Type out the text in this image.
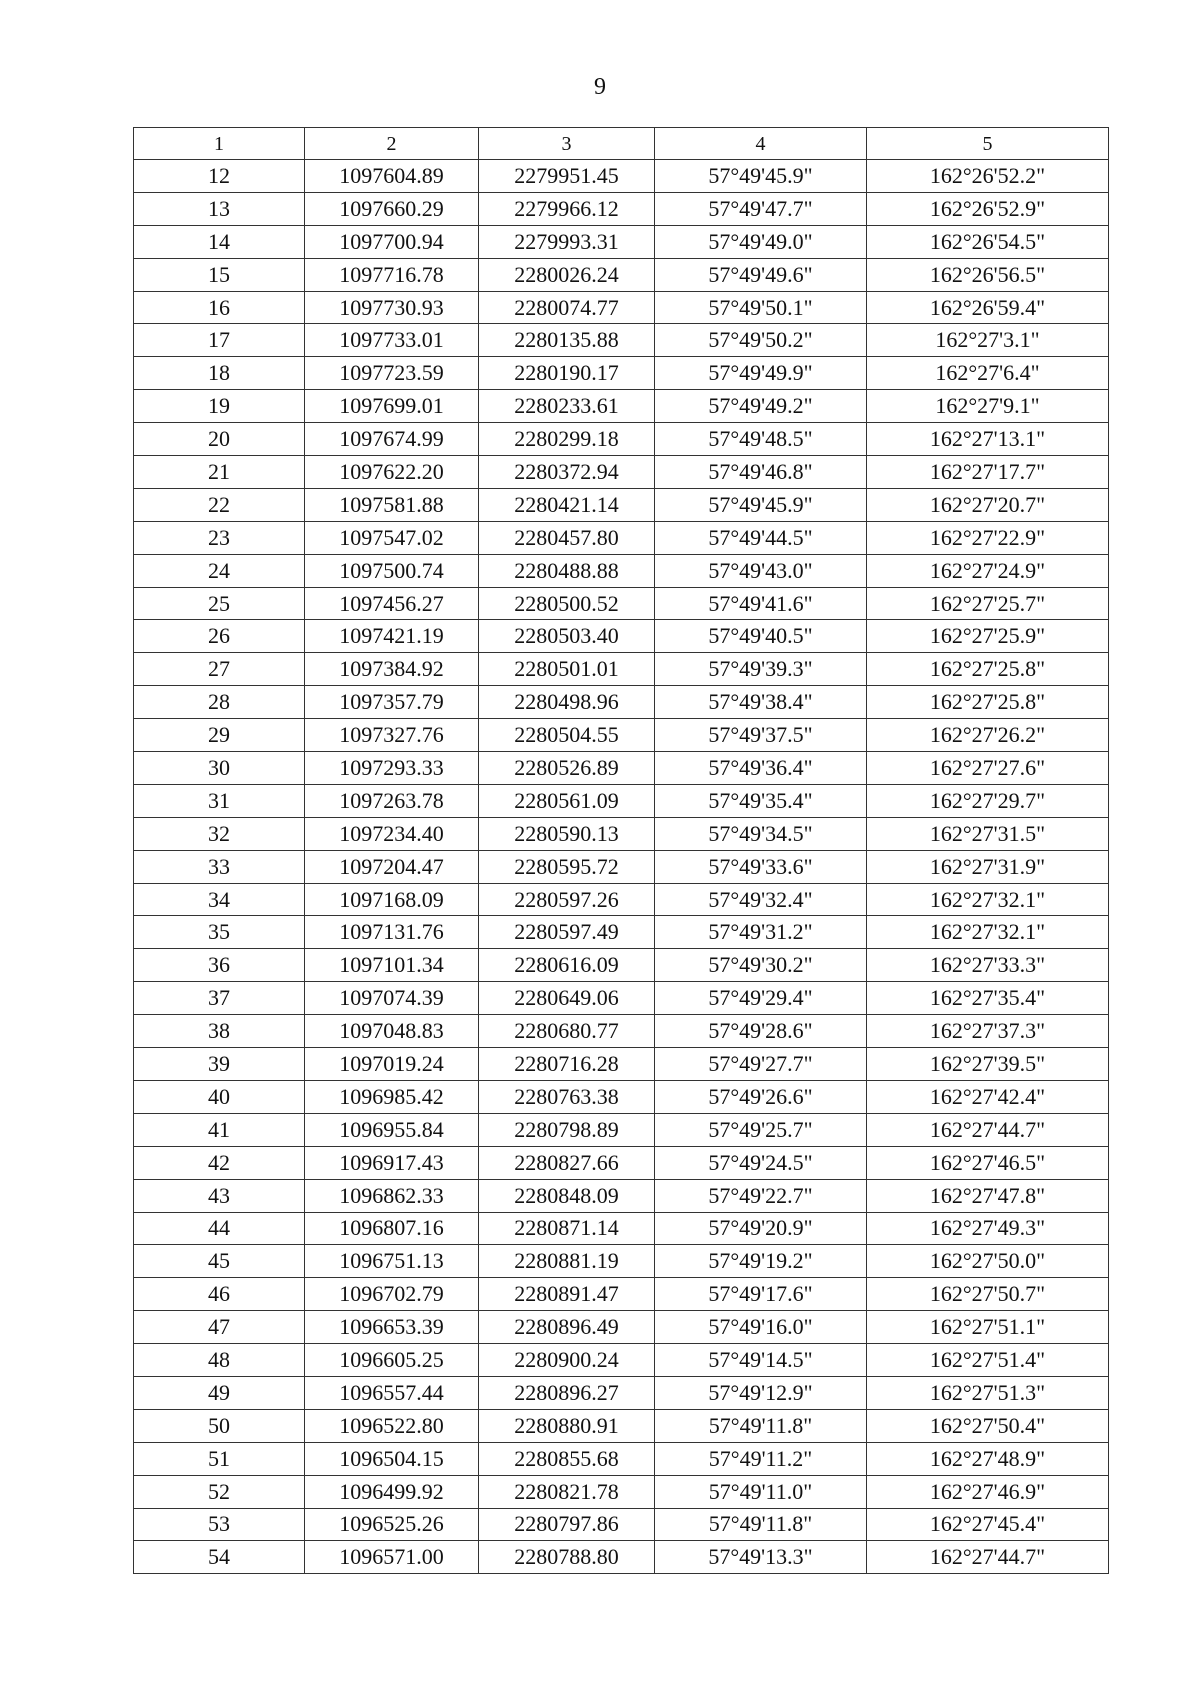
9
1	2	3	4	5
12	1097604.89	2279951.45	57°49'45.9"	162°26'52.2"
13	1097660.29	2279966.12	57°49'47.7"	162°26'52.9"
14	1097700.94	2279993.31	57°49'49.0"	162°26'54.5"
15	1097716.78	2280026.24	57°49'49.6"	162°26'56.5"
16	1097730.93	2280074.77	57°49'50.1"	162°26'59.4"
17	1097733.01	2280135.88	57°49'50.2"	162°27'3.1"
18	1097723.59	2280190.17	57°49'49.9"	162°27'6.4"
19	1097699.01	2280233.61	57°49'49.2"	162°27'9.1"
20	1097674.99	2280299.18	57°49'48.5"	162°27'13.1"
21	1097622.20	2280372.94	57°49'46.8"	162°27'17.7"
22	1097581.88	2280421.14	57°49'45.9"	162°27'20.7"
23	1097547.02	2280457.80	57°49'44.5"	162°27'22.9"
24	1097500.74	2280488.88	57°49'43.0"	162°27'24.9"
25	1097456.27	2280500.52	57°49'41.6"	162°27'25.7"
26	1097421.19	2280503.40	57°49'40.5"	162°27'25.9"
27	1097384.92	2280501.01	57°49'39.3"	162°27'25.8"
28	1097357.79	2280498.96	57°49'38.4"	162°27'25.8"
29	1097327.76	2280504.55	57°49'37.5"	162°27'26.2"
30	1097293.33	2280526.89	57°49'36.4"	162°27'27.6"
31	1097263.78	2280561.09	57°49'35.4"	162°27'29.7"
32	1097234.40	2280590.13	57°49'34.5"	162°27'31.5"
33	1097204.47	2280595.72	57°49'33.6"	162°27'31.9"
34	1097168.09	2280597.26	57°49'32.4"	162°27'32.1"
35	1097131.76	2280597.49	57°49'31.2"	162°27'32.1"
36	1097101.34	2280616.09	57°49'30.2"	162°27'33.3"
37	1097074.39	2280649.06	57°49'29.4"	162°27'35.4"
38	1097048.83	2280680.77	57°49'28.6"	162°27'37.3"
39	1097019.24	2280716.28	57°49'27.7"	162°27'39.5"
40	1096985.42	2280763.38	57°49'26.6"	162°27'42.4"
41	1096955.84	2280798.89	57°49'25.7"	162°27'44.7"
42	1096917.43	2280827.66	57°49'24.5"	162°27'46.5"
43	1096862.33	2280848.09	57°49'22.7"	162°27'47.8"
44	1096807.16	2280871.14	57°49'20.9"	162°27'49.3"
45	1096751.13	2280881.19	57°49'19.2"	162°27'50.0"
46	1096702.79	2280891.47	57°49'17.6"	162°27'50.7"
47	1096653.39	2280896.49	57°49'16.0"	162°27'51.1"
48	1096605.25	2280900.24	57°49'14.5"	162°27'51.4"
49	1096557.44	2280896.27	57°49'12.9"	162°27'51.3"
50	1096522.80	2280880.91	57°49'11.8"	162°27'50.4"
51	1096504.15	2280855.68	57°49'11.2"	162°27'48.9"
52	1096499.92	2280821.78	57°49'11.0"	162°27'46.9"
53	1096525.26	2280797.86	57°49'11.8"	162°27'45.4"
54	1096571.00	2280788.80	57°49'13.3"	162°27'44.7"
